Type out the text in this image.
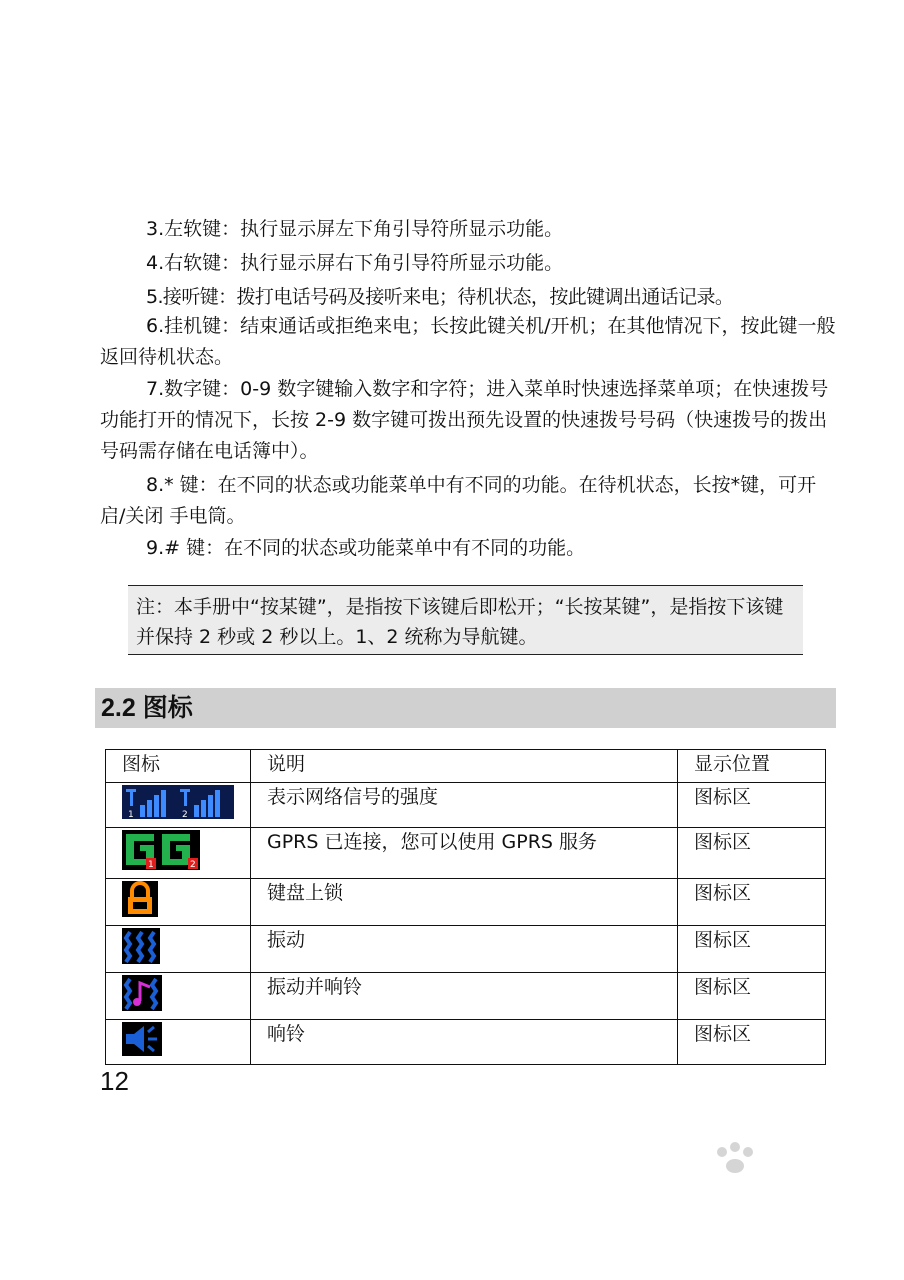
3.左软键：执行显示屏左下角引导符所显示功能。

4.右软键：执行显示屏右下角引导符所显示功能。

5.接听键：拨打电话号码及接听来电；待机状态，按此键调出通话记录。

6.挂机键：结束通话或拒绝来电；长按此键关机/开机；在其他情况下，按此键一般返回待机状态。

7.数字键：0-9 数字键输入数字和字符；进入菜单时快速选择菜单项；在快速拨号功能打开的情况下，长按 2-9 数字键可拨出预先设置的快速拨号号码（快速拨号的拨出号码需存储在电话簿中）。

8.* 键：在不同的状态或功能菜单中有不同的功能。在待机状态，长按*键，可开启/关闭 手电筒。

9.# 键：在不同的状态或功能菜单中有不同的功能。

注：本手册中“按某键”，是指按下该键后即松开；“长按某键”，是指按下该键并保持 2 秒或 2 秒以上。1、2 统称为导航键。
2.2 图标
图标	说明	显示位置

1 2	表示网络信号的强度	图标区

1 2	GPRS 已连接，您可以使用 GPRS 服务	图标区
	键盘上锁	图标区
	振动	图标区
	振动并响铃	图标区
	响铃	图标区
12
